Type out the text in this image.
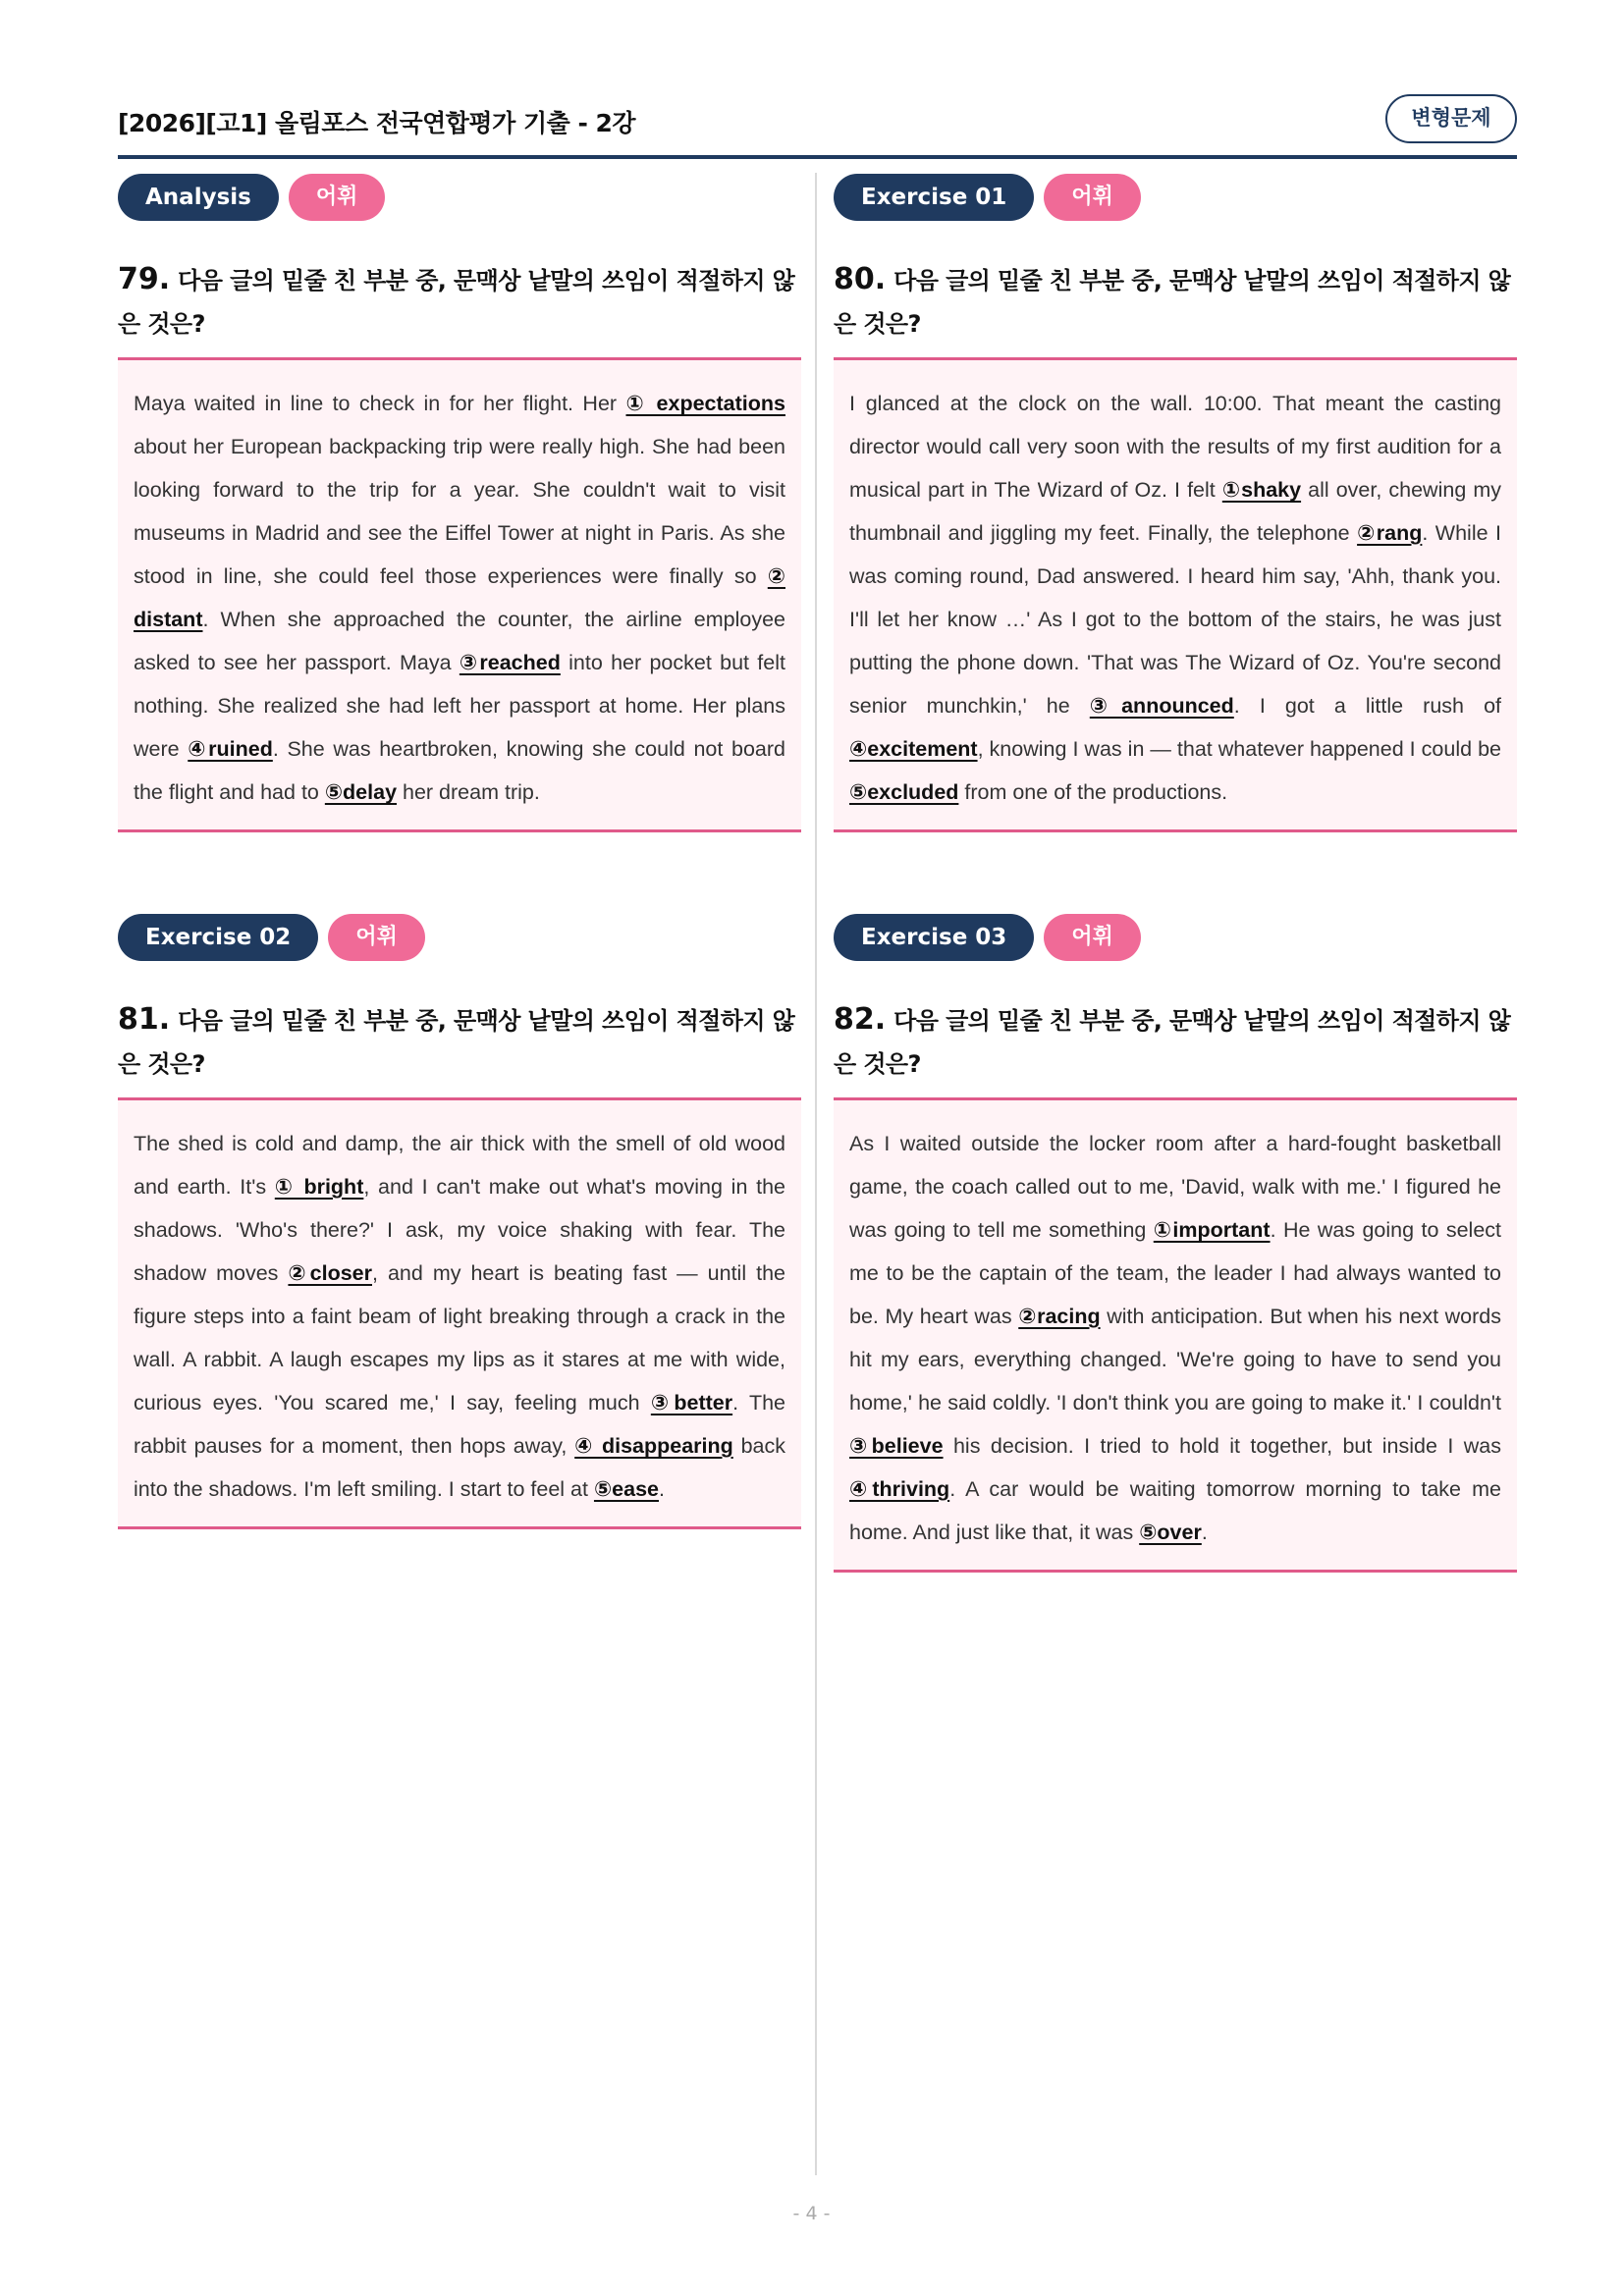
[2026][고1] 올림포스 전국연합평가 기출 - 2강	변형문제
Analysis	어휘
79. 다음 글의 밑줄 친 부분 중, 문맥상 낱말의 쓰임이 적절하지 않은 것은?
Maya waited in line to check in for her flight. Her ① expectations about her European backpacking trip were really high. She had been looking forward to the trip for a year. She couldn't wait to visit museums in Madrid and see the Eiffel Tower at night in Paris. As she stood in line, she could feel those experiences were finally so ② distant. When she approached the counter, the airline employee asked to see her passport. Maya ③reached into her pocket but felt nothing. She realized she had left her passport at home. Her plans were ④ruined. She was heartbroken, knowing she could not board the flight and had to ⑤delay her dream trip.
Exercise 01	어휘
80. 다음 글의 밑줄 친 부분 중, 문맥상 낱말의 쓰임이 적절하지 않은 것은?
I glanced at the clock on the wall. 10:00. That meant the casting director would call very soon with the results of my first audition for a musical part in The Wizard of Oz. I felt ①shaky all over, chewing my thumbnail and jiggling my feet. Finally, the telephone ②rang. While I was coming round, Dad answered. I heard him say, 'Ahh, thank you. I'll let her know …' As I got to the bottom of the stairs, he was just putting the phone down. 'That was The Wizard of Oz. You're second senior munchkin,' he ③announced. I got a little rush of ④excitement, knowing I was in — that whatever happened I could be ⑤excluded from one of the productions.
Exercise 02	어휘
81. 다음 글의 밑줄 친 부분 중, 문맥상 낱말의 쓰임이 적절하지 않은 것은?
The shed is cold and damp, the air thick with the smell of old wood and earth. It's ① bright, and I can't make out what's moving in the shadows. 'Who's there?' I ask, my voice shaking with fear. The shadow moves ②closer, and my heart is beating fast — until the figure steps into a faint beam of light breaking through a crack in the wall. A rabbit. A laugh escapes my lips as it stares at me with wide, curious eyes. 'You scared me,' I say, feeling much ③better. The rabbit pauses for a moment, then hops away, ④ disappearing back into the shadows. I'm left smiling. I start to feel at ⑤ease.
Exercise 03	어휘
82. 다음 글의 밑줄 친 부분 중, 문맥상 낱말의 쓰임이 적절하지 않은 것은?
As I waited outside the locker room after a hard-fought basketball game, the coach called out to me, 'David, walk with me.' I figured he was going to tell me something ①important. He was going to select me to be the captain of the team, the leader I had always wanted to be. My heart was ②racing with anticipation. But when his next words hit my ears, everything changed. 'We're going to have to send you home,' he said coldly. 'I don't think you are going to make it.' I couldn't ③believe his decision. I tried to hold it together, but inside I was ④thriving. A car would be waiting tomorrow morning to take me home. And just like that, it was ⑤over.
- 4 -
